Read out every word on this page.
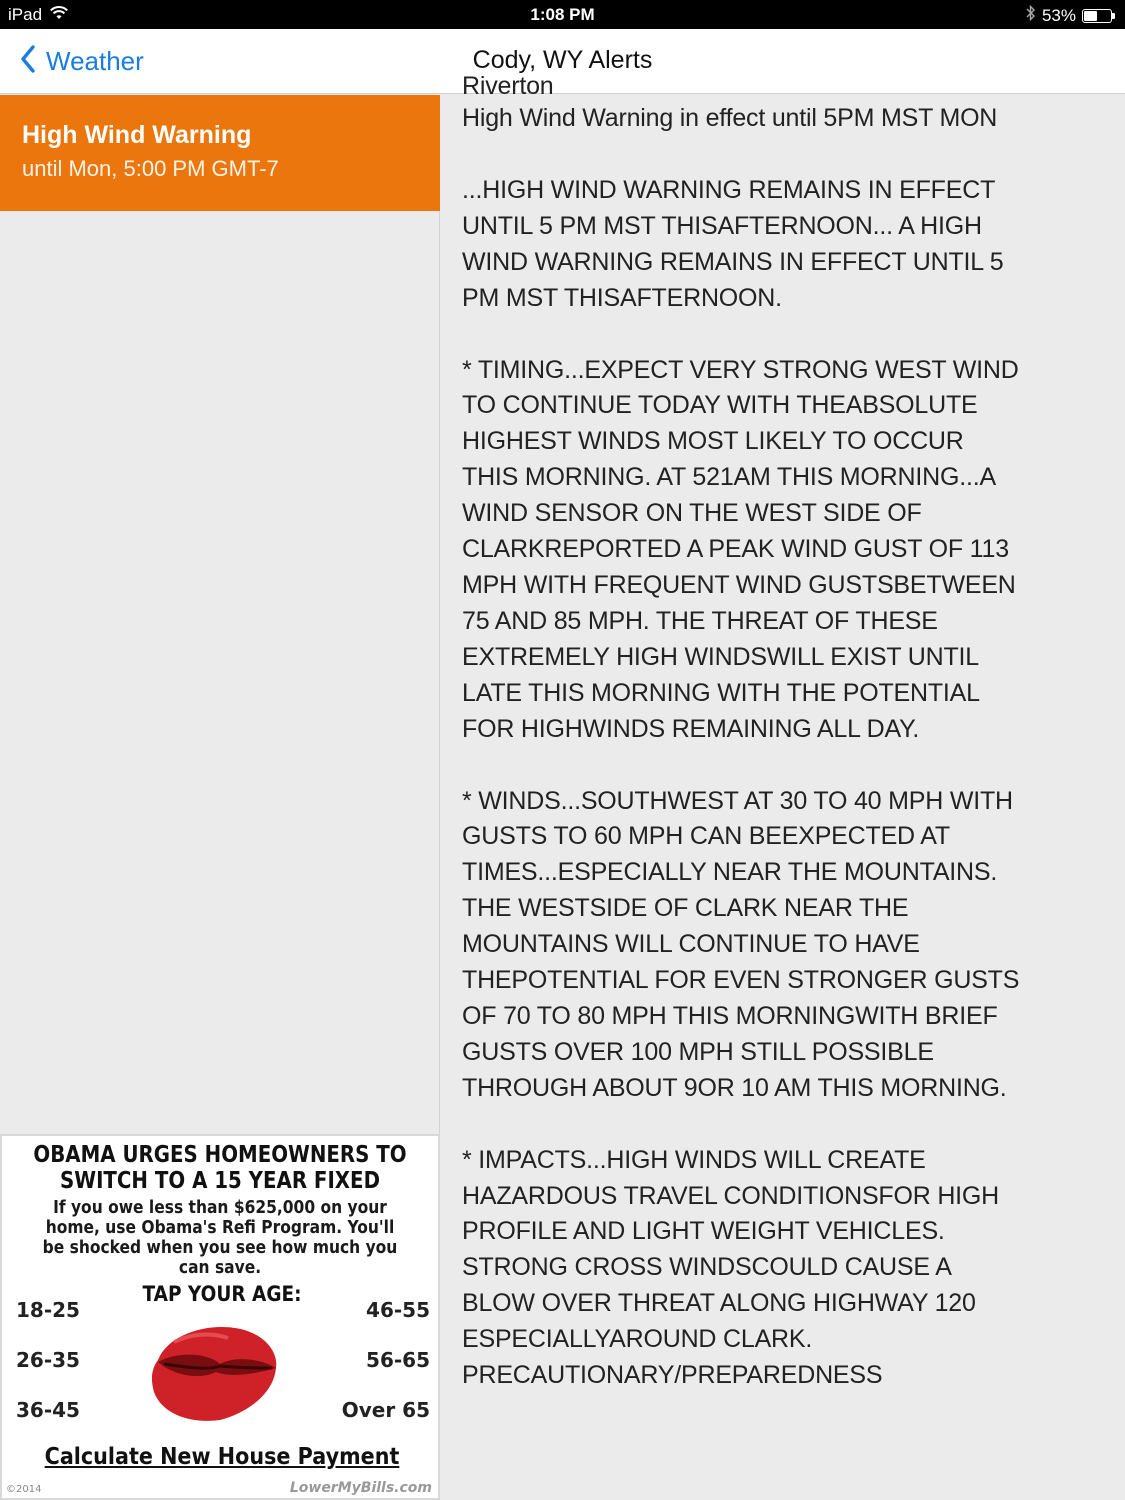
iPad	1:08 PM	53%
Weather	Cody, WY Alerts
High Wind Warning
until Mon, 5:00 PM GMT-7
OBAMA URGES HOMEOWNERS TO SWITCH TO A 15 YEAR FIXED
If you owe less than $625,000 on your home, use Obama's Refi Program. You'll be shocked when you see how much you can save.
TAP YOUR AGE:
18-25
26-35
36-45
46-55
56-65
Over 65
Calculate New House Payment
©2014	LowerMyBills.com

Riverton

High Wind Warning in effect until 5PM MST MON

...HIGH WIND WARNING REMAINS IN EFFECT UNTIL 5 PM MST THISAFTERNOON... A HIGH WIND WARNING REMAINS IN EFFECT UNTIL 5 PM MST THISAFTERNOON.

* TIMING...EXPECT VERY STRONG WEST WIND TO CONTINUE TODAY WITH THEABSOLUTE HIGHEST WINDS MOST LIKELY TO OCCUR THIS MORNING. AT 521AM THIS MORNING...A WIND SENSOR ON THE WEST SIDE OF CLARKREPORTED A PEAK WIND GUST OF 113 MPH WITH FREQUENT WIND GUSTSBETWEEN 75 AND 85 MPH. THE THREAT OF THESE EXTREMELY HIGH WINDSWILL EXIST UNTIL LATE THIS MORNING WITH THE POTENTIAL FOR HIGHWINDS REMAINING ALL DAY.

* WINDS...SOUTHWEST AT 30 TO 40 MPH WITH GUSTS TO 60 MPH CAN BEEXPECTED AT TIMES...ESPECIALLY NEAR THE MOUNTAINS. THE WESTSIDE OF CLARK NEAR THE MOUNTAINS WILL CONTINUE TO HAVE THEPOTENTIAL FOR EVEN STRONGER GUSTS OF 70 TO 80 MPH THIS MORNINGWITH BRIEF GUSTS OVER 100 MPH STILL POSSIBLE THROUGH ABOUT 9OR 10 AM THIS MORNING.

* IMPACTS...HIGH WINDS WILL CREATE HAZARDOUS TRAVEL CONDITIONSFOR HIGH PROFILE AND LIGHT WEIGHT VEHICLES. STRONG CROSS WINDSCOULD CAUSE A BLOW OVER THREAT ALONG HIGHWAY 120 ESPECIALLYAROUND CLARK. PRECAUTIONARY/PREPAREDNESS
